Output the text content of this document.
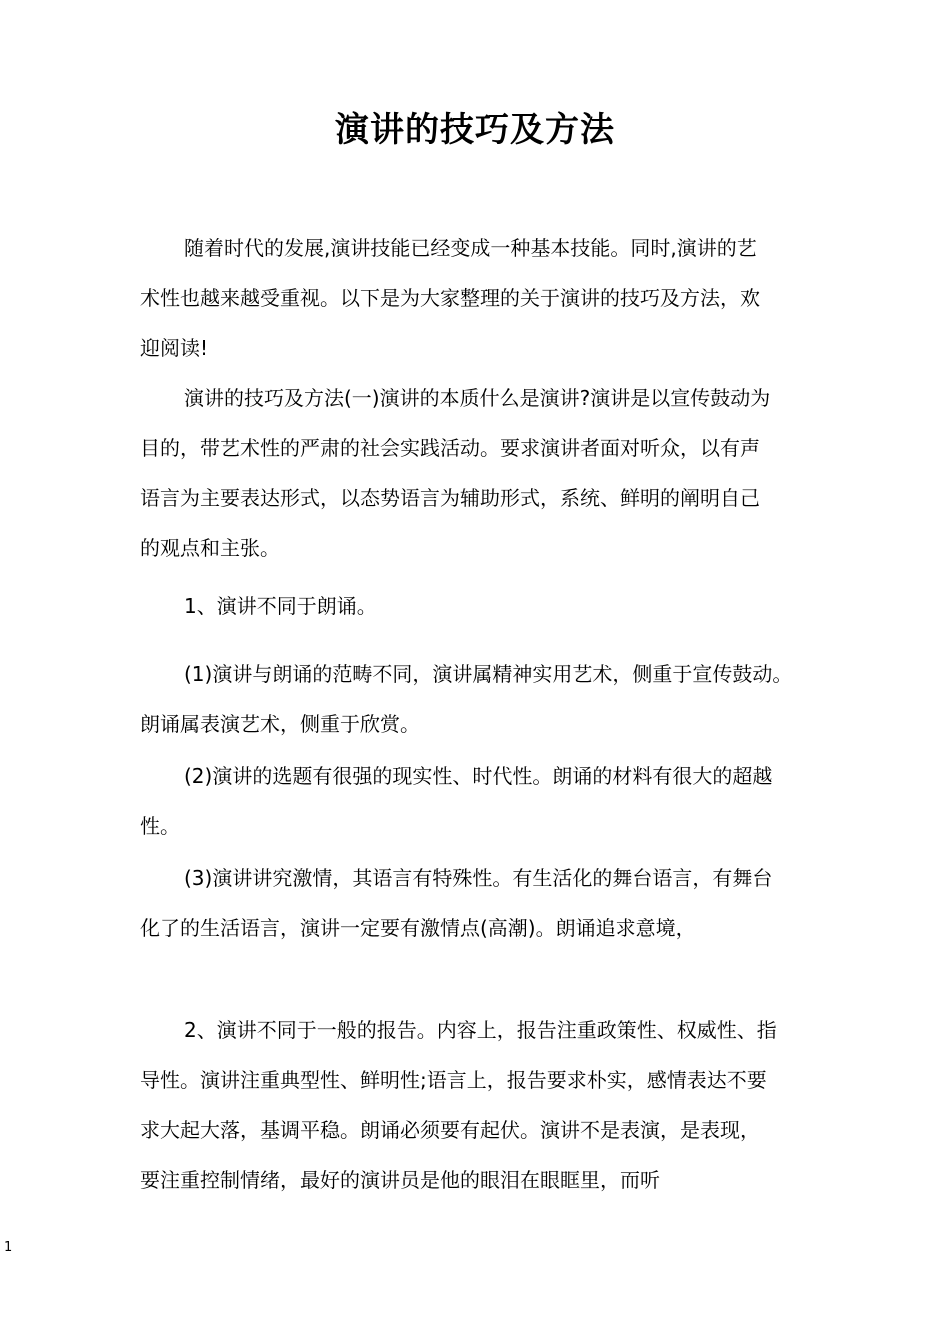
演讲的技巧及方法
随着时代的发展,演讲技能已经变成一种基本技能。同时,演讲的艺
术性也越来越受重视。以下是为大家整理的关于演讲的技巧及方法，欢
迎阅读!
演讲的技巧及方法(一)演讲的本质什么是演讲?演讲是以宣传鼓动为
目的，带艺术性的严肃的社会实践活动。要求演讲者面对听众，以有声
语言为主要表达形式，以态势语言为辅助形式，系统、鲜明的阐明自己
的观点和主张。
1、演讲不同于朗诵。
(1)演讲与朗诵的范畴不同，演讲属精神实用艺术，侧重于宣传鼓动。
朗诵属表演艺术，侧重于欣赏。
(2)演讲的选题有很强的现实性、时代性。朗诵的材料有很大的超越
性。
(3)演讲讲究激情，其语言有特殊性。有生活化的舞台语言，有舞台
化了的生活语言，演讲一定要有激情点(高潮)。朗诵追求意境，
2、演讲不同于一般的报告。内容上，报告注重政策性、权威性、指
导性。演讲注重典型性、鲜明性;语言上，报告要求朴实，感情表达不要
求大起大落，基调平稳。朗诵必须要有起伏。演讲不是表演，是表现，
要注重控制情绪，最好的演讲员是他的眼泪在眼眶里，而听
1
